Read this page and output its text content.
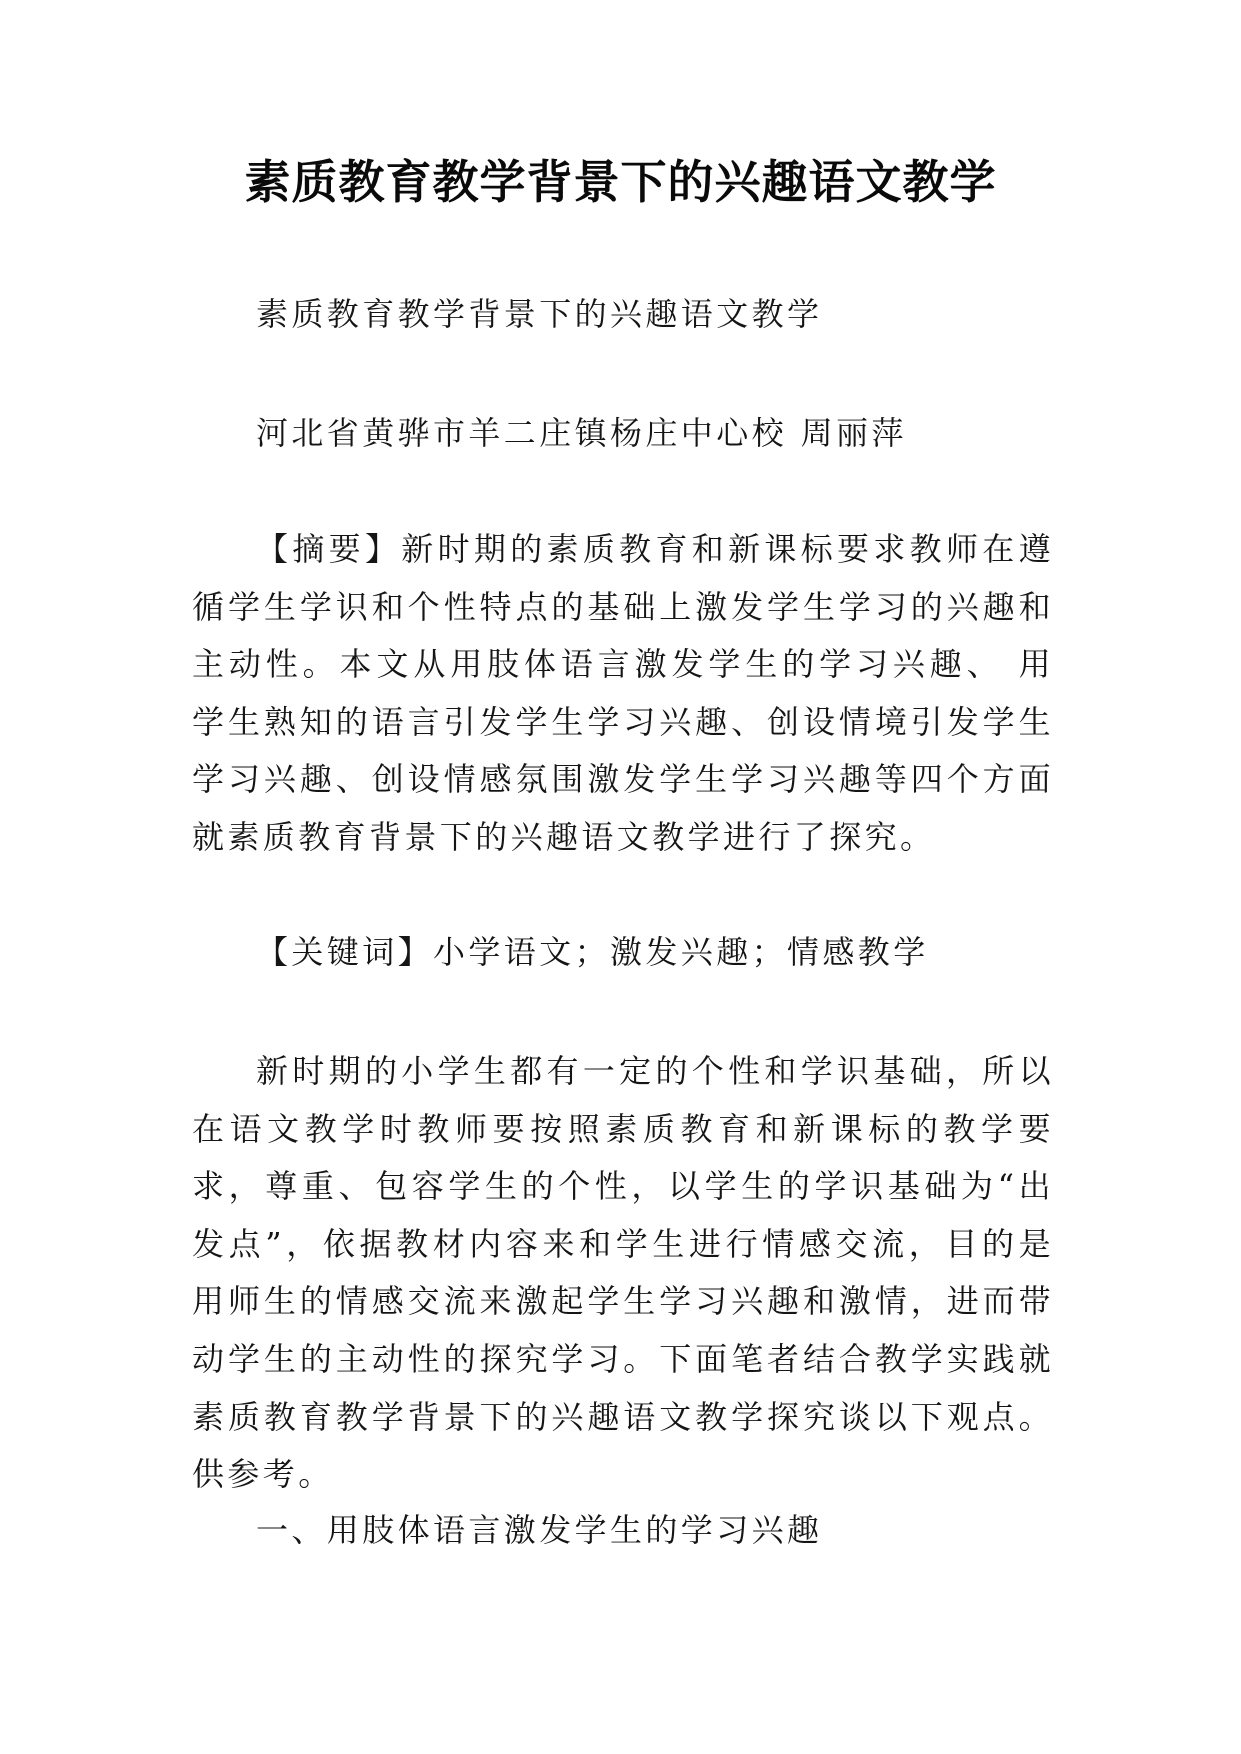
素质教育教学背景下的兴趣语文教学
素质教育教学背景下的兴趣语文教学
河北省黄骅市羊二庄镇杨庄中心校 周丽萍
【摘要】新时期的素质教育和新课标要求教师在遵循学生学识和个性特点的基础上激发学生学习的兴趣和主动性。本文从用肢体语言激发学生的学习兴趣、 用学生熟知的语言引发学生学习兴趣、创设情境引发学生学习兴趣、创设情感氛围激发学生学习兴趣等四个方面就素质教育背景下的兴趣语文教学进行了探究。
【关键词】小学语文；激发兴趣；情感教学
新时期的小学生都有一定的个性和学识基础，所以在语文教学时教师要按照素质教育和新课标的教学要求，尊重、包容学生的个性，以学生的学识基础为“出发点”，依据教材内容来和学生进行情感交流，目的是用师生的情感交流来激起学生学习兴趣和激情，进而带动学生的主动性的探究学习。下面笔者结合教学实践就素质教育教学背景下的兴趣语文教学探究谈以下观点。供参考。
一、用肢体语言激发学生的学习兴趣
